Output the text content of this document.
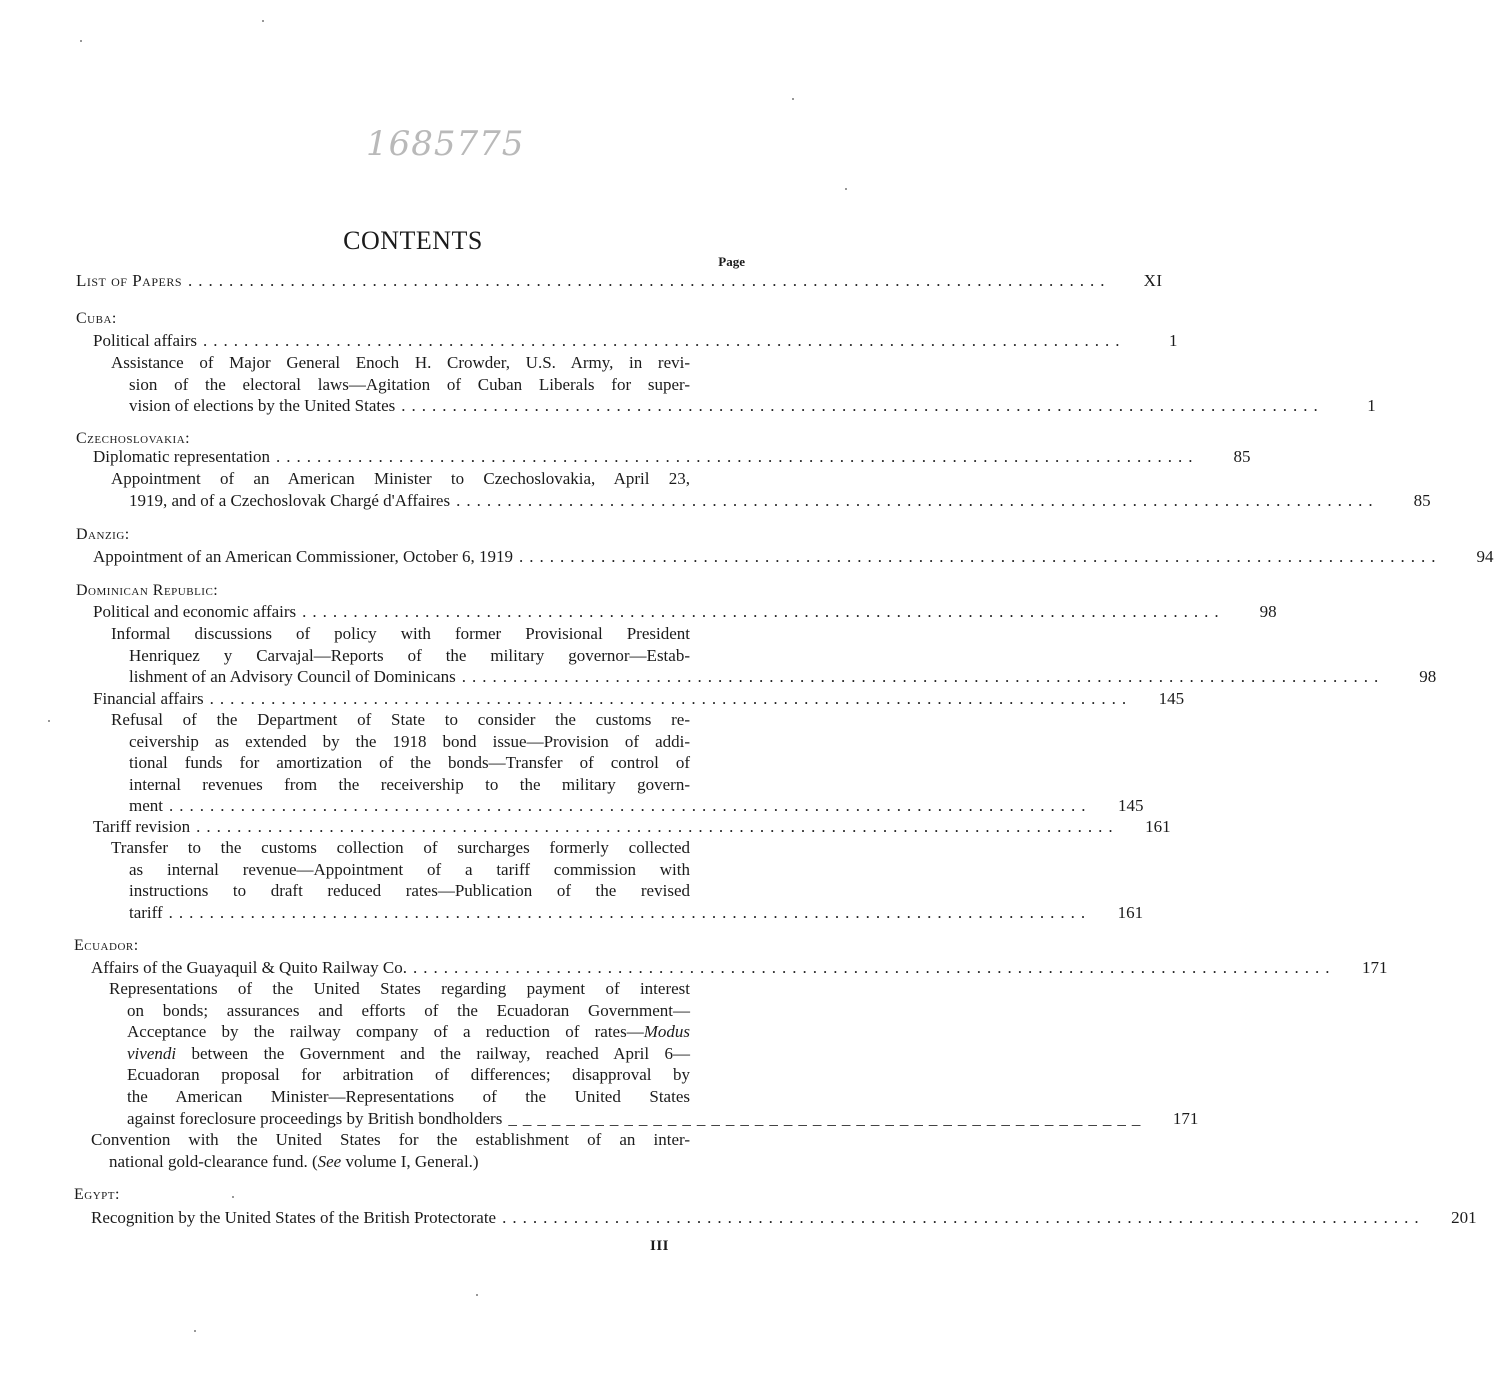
1685775
CONTENTS
Page
List of Papers ..........................................................................................	XI
Cuba:
Political affairs ..........................................................................................	1
Assistance of Major General Enoch H. Crowder, U.S. Army, in revi-
sion of the electoral laws—Agitation of Cuban Liberals for super-
vision of elections by the United States ..........................................................................................	1
Czechoslovakia:
Diplomatic representation ..........................................................................................	85
Appointment of an American Minister to Czechoslovakia, April 23,
1919, and of a Czechoslovak Chargé d'Affaires ..........................................................................................	85
Danzig:
Appointment of an American Commissioner, October 6, 1919 ..........................................................................................	94
Dominican Republic:
Political and economic affairs ..........................................................................................	98
Informal discussions of policy with former Provisional President
Henriquez y Carvajal—Reports of the military governor—Estab-
lishment of an Advisory Council of Dominicans ..........................................................................................	98
Financial affairs ..........................................................................................	145
Refusal of the Department of State to consider the customs re-
ceivership as extended by the 1918 bond issue—Provision of addi-
tional funds for amortization of the bonds—Transfer of control of
internal revenues from the receivership to the military govern-
ment ..........................................................................................	145
Tariff revision ..........................................................................................	161
Transfer to the customs collection of surcharges formerly collected
as internal revenue—Appointment of a tariff commission with
instructions to draft reduced rates—Publication of the revised
tariff ..........................................................................................	161
Ecuador:
Affairs of the Guayaquil & Quito Railway Co. ..........................................................................................	171
Representations of the United States regarding payment of interest
on bonds; assurances and efforts of the Ecuadoran Government—
Acceptance by the railway company of a reduction of rates—Modus
vivendi between the Government and the railway, reached April 6—
Ecuadoran proposal for arbitration of differences; disapproval by
the American Minister—Representations of the United States
against foreclosure proceedings by British bondholders ____________________________________________	171
Convention with the United States for the establishment of an inter-
national gold-clearance fund. (See volume I, General.)
Egypt:
Recognition by the United States of the British Protectorate ..........................................................................................	201
III
